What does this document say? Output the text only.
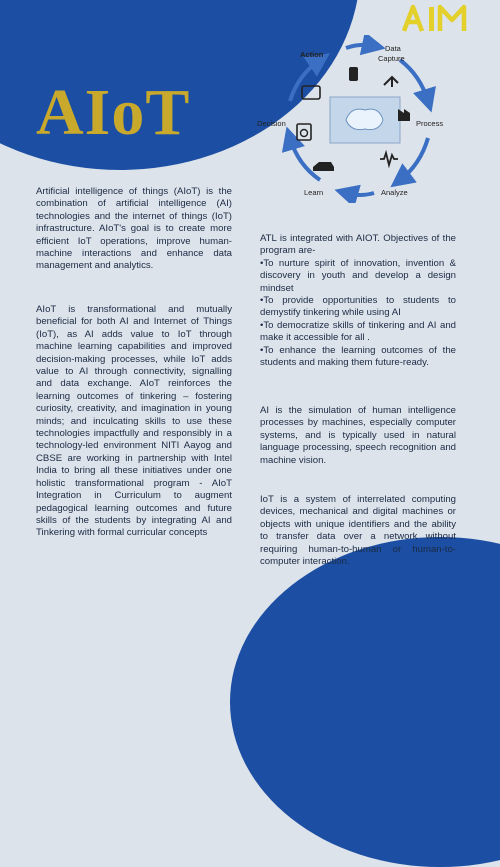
AIoT
Action
Data Capture
Process
Analyze
Learn
Decision

Artificial intelligence of things (AIoT) is the combination of artificial intelligence (AI) technologies and the internet of things (IoT) infrastructure. AIoT's goal is to create more efficient IoT operations, improve human-machine interactions and enhance data management and analytics.

AIoT is transformational and mutually beneficial for both AI and Internet of Things (IoT), as AI adds value to IoT through machine learning capabilities and improved decision-making processes, while IoT adds value to AI through connectivity, signalling and data exchange. AIoT reinforces the learning outcomes of tinkering – fostering curiosity, creativity, and imagination in young minds; and inculcating skills to use these technologies impactfully and responsibly in a technology-led environment NITI Aayog and CBSE are working in partnership with Intel India to bring all these initiatives under one holistic transformational program - AIoT Integration in Curriculum to augment pedagogical learning outcomes and future skills of the students by integrating AI and Tinkering with formal curricular concepts

ATL is integrated with AIOT. Objectives of the program are-

•To nurture spirit of innovation, invention & discovery in youth and develop a design mindset

•To provide opportunities to students to demystify tinkering while using AI

•To democratize skills of tinkering and AI and make it accessible for all .

•To enhance the learning outcomes of the students and making them future-ready.

AI is the simulation of human intelligence processes by machines, especially computer systems, and is typically used in natural language processing, speech recognition and machine vision.

IoT is a system of interrelated computing devices, mechanical and digital machines or objects with unique identifiers and the ability to transfer data over a network without requiring human-to-human or human-to-computer interaction.
